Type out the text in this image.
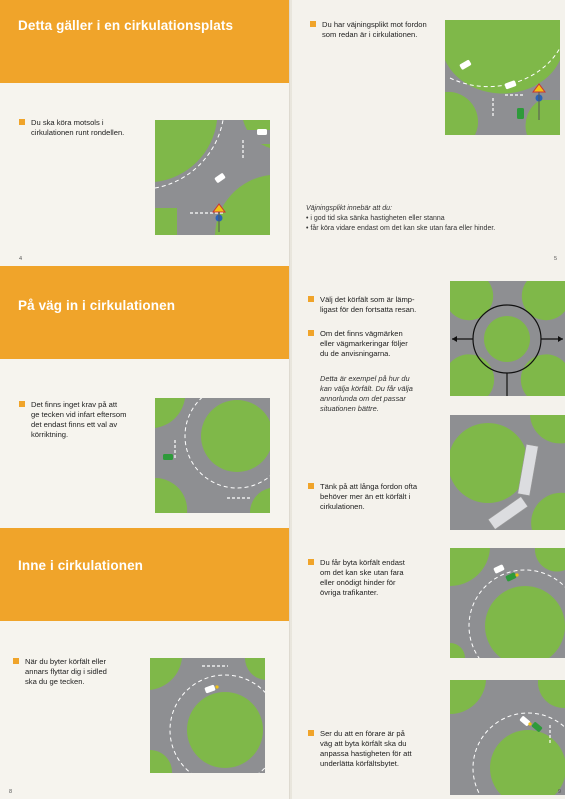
Detta gäller i en cirkulationsplats
Du ska köra motsols i
cirkulationen runt rondellen.
4
På väg in i cirkulationen
Det finns inget krav på att
ge tecken vid infart eftersom
det endast finns ett val av
körriktning.
Inne i cirkulationen
När du byter körfält eller
annars flyttar dig i sidled
ska du ge tecken.
8
Du har väjningsplikt mot fordon
som redan är i cirkulationen.
Väjningsplikt innebär att du:
• i god tid ska sänka hastigheten eller stanna
• får köra vidare endast om det kan ske utan fara eller hinder.
5
Välj det körfält som är lämp-
ligast för den fortsatta resan.
Om det finns vägmärken
eller vägmarkeringar följer
du de anvisningarna.
Detta är exempel på hur du
kan välja körfält. Du får välja
annorlunda om det passar
situationen bättre.
Tänk på att långa fordon ofta
behöver mer än ett körfält i
cirkulationen.
Du får byta körfält endast
om det kan ske utan fara
eller onödigt hinder för
övriga trafikanter.
Ser du att en förare är på
väg att byta körfält ska du
anpassa hastigheten för att
underlätta körfältsbytet.
9
